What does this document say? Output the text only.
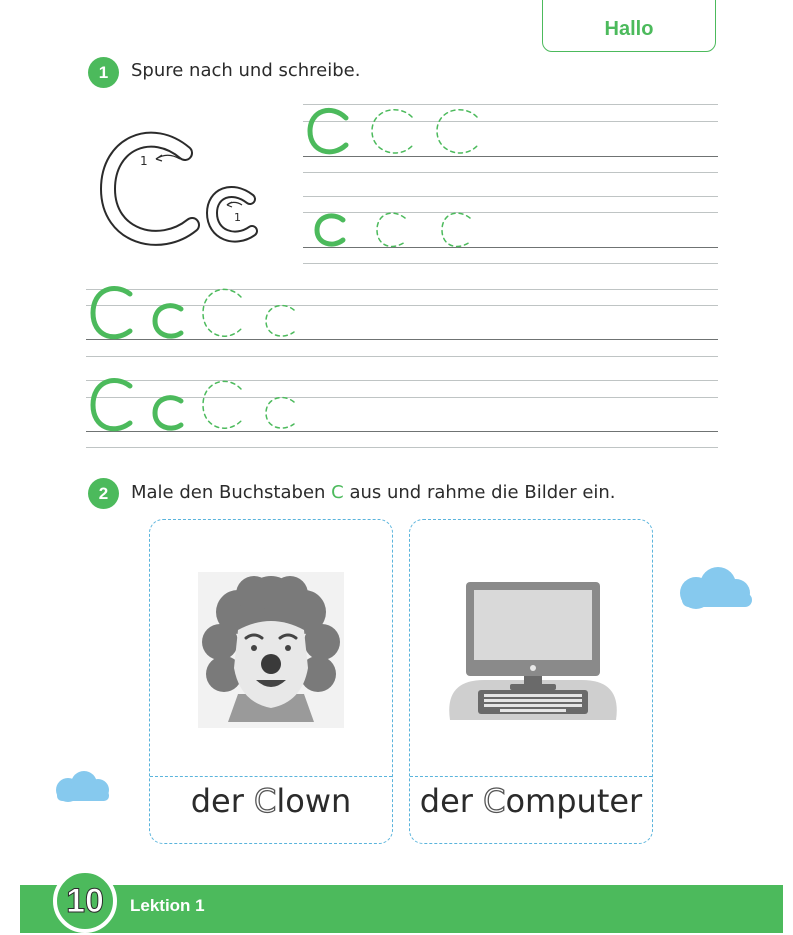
Hallo
1	Spure nach und schreibe.
1
1
2	Male den Buchstaben C aus und rahme die Bilder ein.
der Clown	der Computer
10 Lektion 1
